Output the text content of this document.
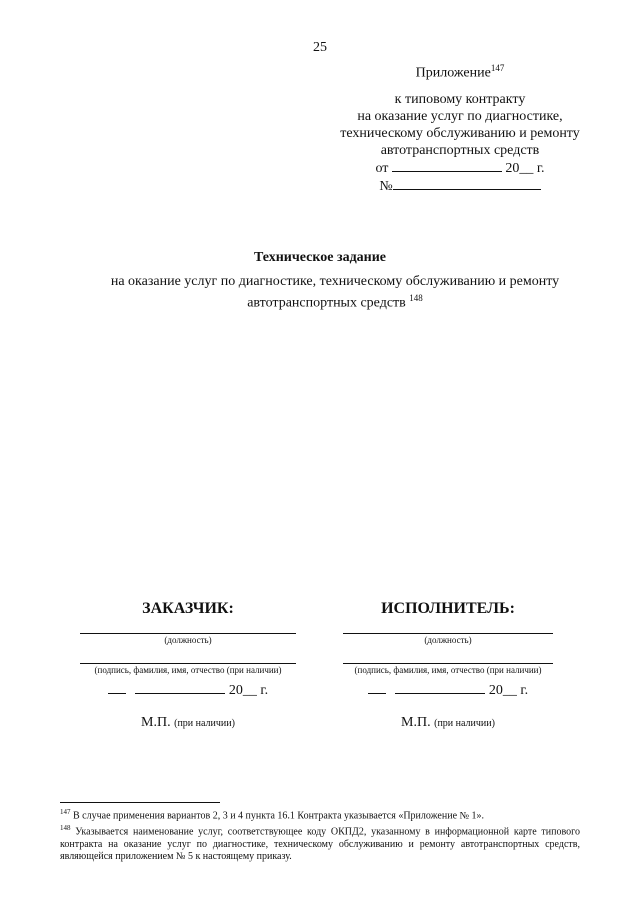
25
Приложение$^{147}$
к типовому контракту
на оказание услуг по диагностике,
техническому обслуживанию и ремонту
автотранспортных средств
от	20__ г.
№
Техническое задание
на оказание услуг по диагностике, техническому обслуживанию и ремонту
автотранспортных средств $^{148}$
ЗАКАЗЧИК:
(должность)
(подпись, фамилия, имя, отчество (при наличии)
20__ г.
М.П. (при наличии)
ИСПОЛНИТЕЛЬ:
(должность)
(подпись, фамилия, имя, отчество (при наличии)
20__ г.
М.П. (при наличии)

$^{147}$ В случае применения вариантов 2, 3 и 4 пункта 16.1 Контракта указывается «Приложение № 1».

$^{148}$ Указывается наименование услуг, соответствующее коду ОКПД2, указанному в информационной карте типового контракта на оказание услуг по диагностике, техническому обслуживанию и ремонту автотранспортных средств, являющейся приложением № 5 к настоящему приказу.
